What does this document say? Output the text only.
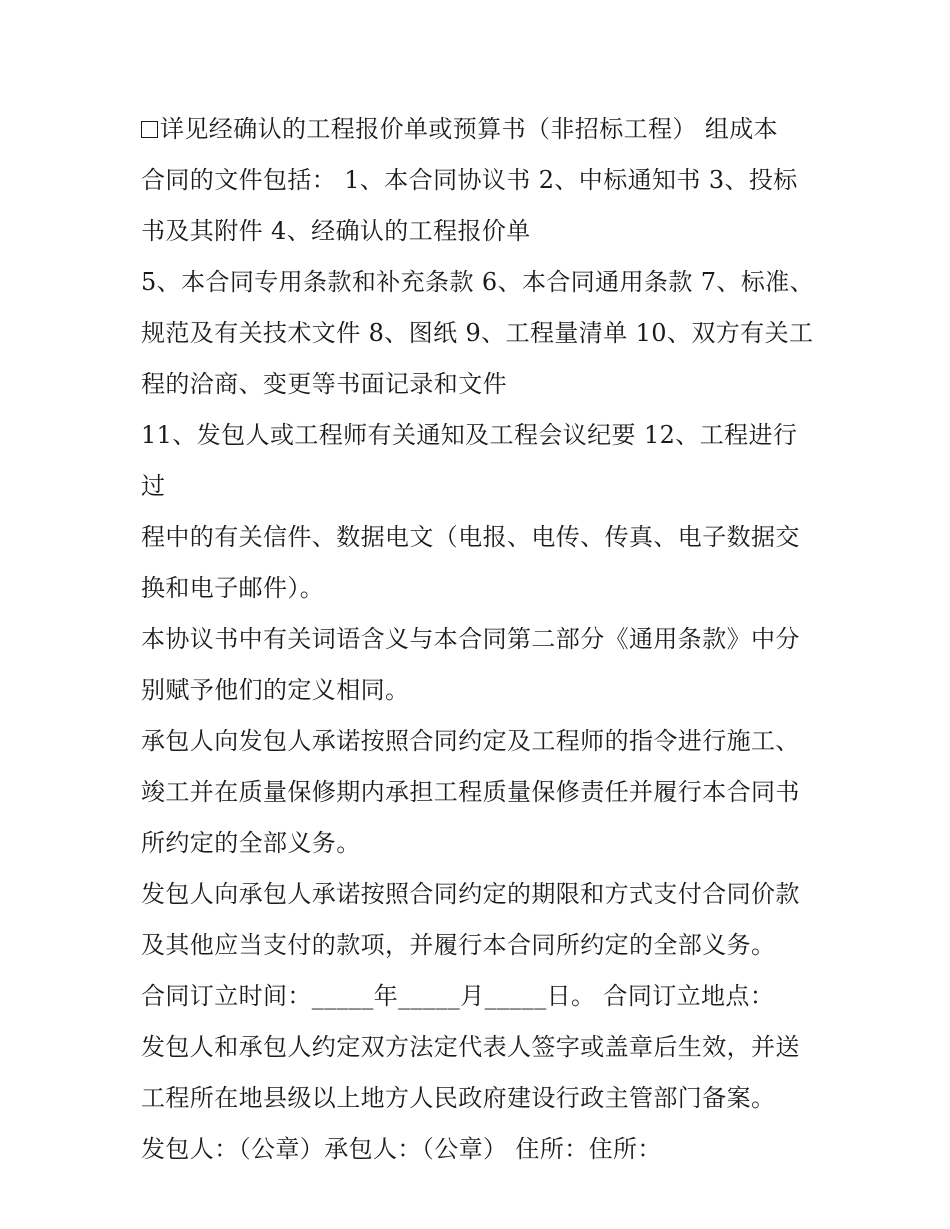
详见经确认的工程报价单或预算书（非招标工程） 组成本
合同的文件包括： 1、本合同协议书 2、中标通知书 3、投标
书及其附件 4、经确认的工程报价单

5、本合同专用条款和补充条款 6、本合同通用条款 7、标准、
规范及有关技术文件 8、图纸 9、工程量清单 10、双方有关工
程的洽商、变更等书面记录和文件

11、发包人或工程师有关通知及工程会议纪要 12、工程进行过
程中的有关信件、数据电文（电报、电传、传真、电子数据交
换和电子邮件）。

本协议书中有关词语含义与本合同第二部分《通用条款》中分
别赋予他们的定义相同。

承包人向发包人承诺按照合同约定及工程师的指令进行施工、
竣工并在质量保修期内承担工程质量保修责任并履行本合同书
所约定的全部义务。

发包人向承包人承诺按照合同约定的期限和方式支付合同价款
及其他应当支付的款项，并履行本合同所约定的全部义务。

合同订立时间：_____年_____月_____日。 合同订立地点：

发包人和承包人约定双方法定代表人签字或盖章后生效，并送
工程所在地县级以上地方人民政府建设行政主管部门备案。

发包人：（公章）承包人：（公章） 住所：住所：
